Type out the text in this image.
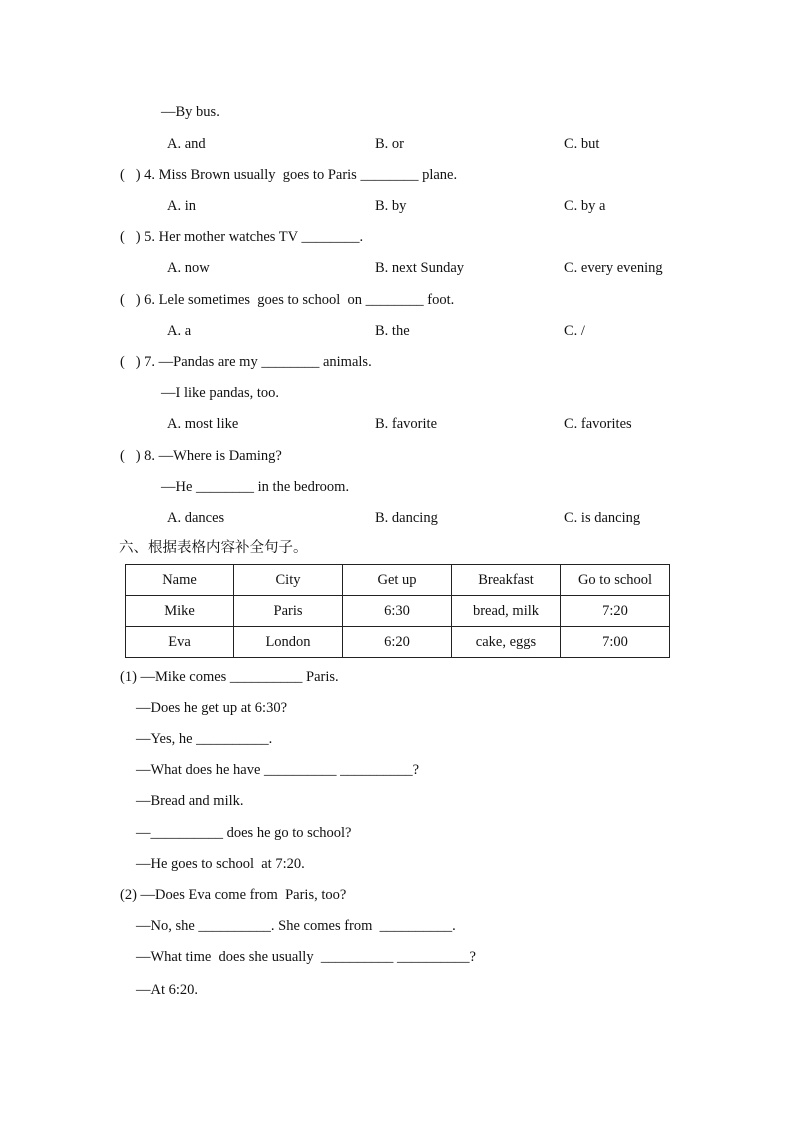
—By bus.
A. and	B. or	C. but
(   ) 4. Miss Brown usually  goes to Paris ________ plane.
A. in	B. by	C. by a
(   ) 5. Her mother watches TV ________.
A. now	B. next Sunday	C. every evening
(   ) 6. Lele sometimes  goes to school  on ________ foot.
A. a	B. the	C. /
(   ) 7. —Pandas are my ________ animals.
—I like pandas, too.
A. most like	B. favorite	C. favorites
(   ) 8. —Where is Daming?
—He ________ in the bedroom.
A. dances	B. dancing	C. is dancing
六、根据表格内容补全句子。
Name	City	Get up	Breakfast	Go to school
Mike	Paris	6:30	bread, milk	7:20
Eva	London	6:20	cake, eggs	7:00
(1) —Mike comes __________ Paris.
—Does he get up at 6:30?
—Yes, he __________.
—What does he have __________ __________?
—Bread and milk.
—__________ does he go to school?
—He goes to school  at 7:20.
(2) —Does Eva come from  Paris, too?
—No, she __________. She comes from  __________.
—What time  does she usually  __________ __________?
—At 6:20.
